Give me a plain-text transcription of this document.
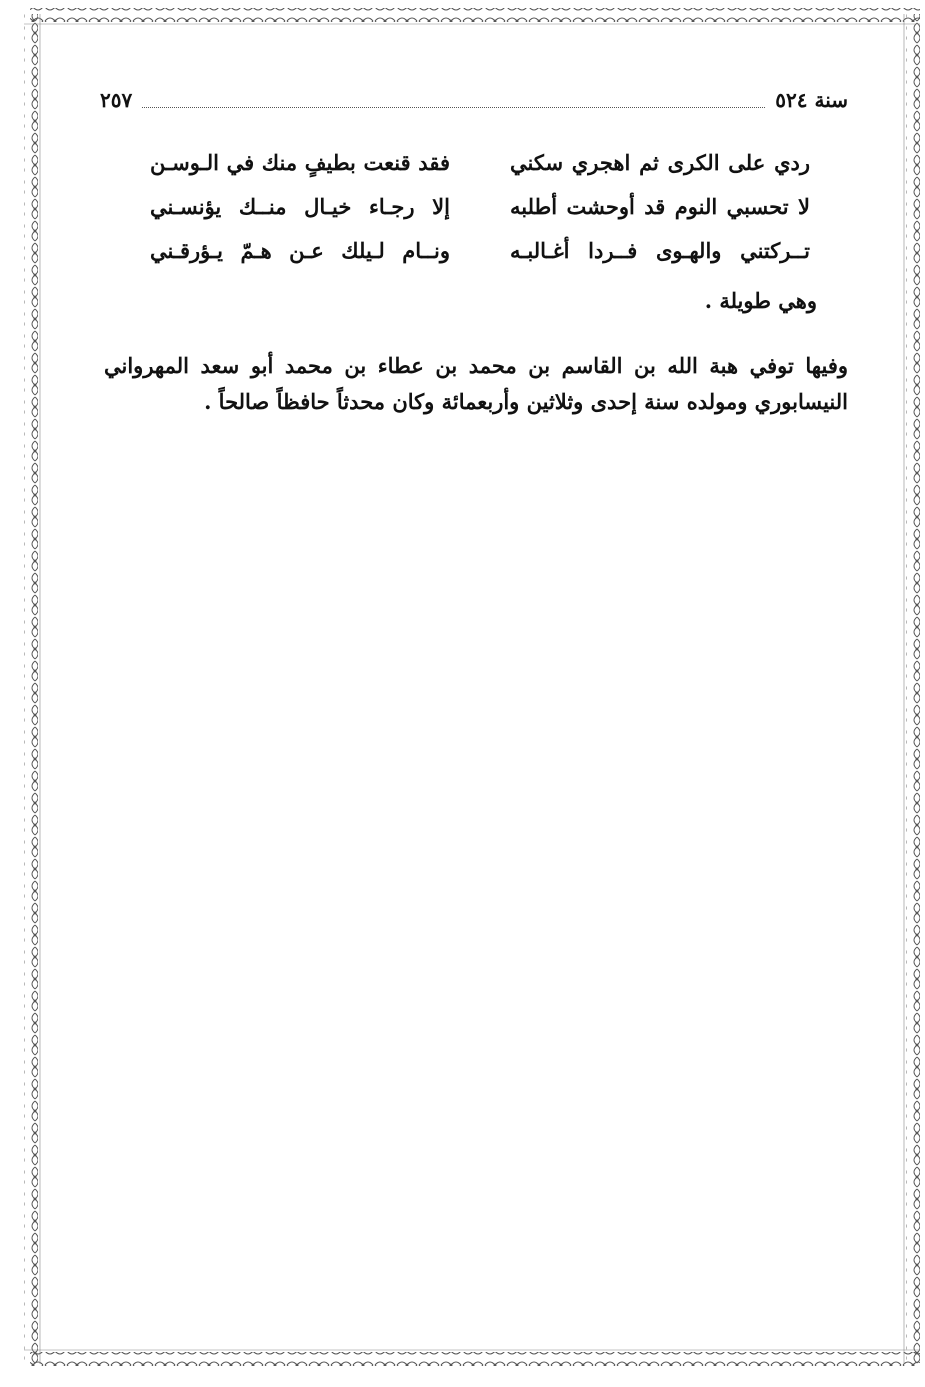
سنة ٥٢٤
٢٥٧
ردي على الكرى ثم اهجري سكني
فقد قنعت بطيفٍ منك في الـوسـن
لا تحسبي النوم قد أوحشت أطلبه
إلا رجـاء خيـال منــك يؤنسـني
تــركتني والهـوى فــردا أغـالبـه
ونــام لـيلك عـن هـمّ يـؤرقـني
وهي طويلة .
وفيها توفي هبة الله بن القاسم بن محمد بن عطاء بن محمد أبو سعد المهرواني
النيسابوري ومولده سنة إحدى وثلاثين وأربعمائة وكان محدثاً حافظاً صالحاً .
